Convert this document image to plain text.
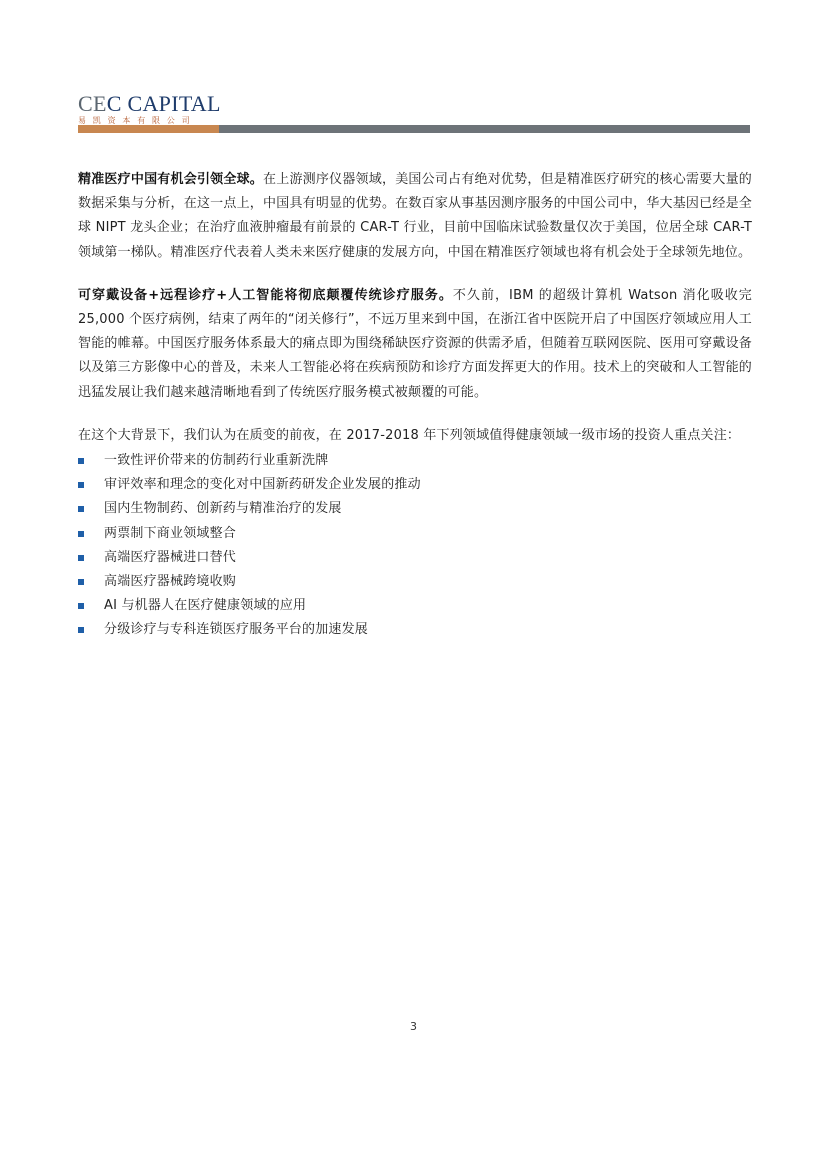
CEC CAPITAL
易凯资本有限公司

精准医疗中国有机会引领全球。在上游测序仪器领域，美国公司占有绝对优势，但是精准医疗研究的核心需要大量的数据采集与分析，在这一点上，中国具有明显的优势。在数百家从事基因测序服务的中国公司中，华大基因已经是全球 NIPT 龙头企业；在治疗血液肿瘤最有前景的 CAR-T 行业，目前中国临床试验数量仅次于美国，位居全球 CAR-T 领域第一梯队。精准医疗代表着人类未来医疗健康的发展方向，中国在精准医疗领域也将有机会处于全球领先地位。

可穿戴设备+远程诊疗+人工智能将彻底颠覆传统诊疗服务。不久前，IBM 的超级计算机 Watson 消化吸收完 25,000 个医疗病例，结束了两年的“闭关修行”，不远万里来到中国，在浙江省中医院开启了中国医疗领域应用人工智能的帷幕。中国医疗服务体系最大的痛点即为围绕稀缺医疗资源的供需矛盾，但随着互联网医院、医用可穿戴设备以及第三方影像中心的普及，未来人工智能必将在疾病预防和诊疗方面发挥更大的作用。技术上的突破和人工智能的迅猛发展让我们越来越清晰地看到了传统医疗服务模式被颠覆的可能。

在这个大背景下，我们认为在质变的前夜，在 2017-2018 年下列领域值得健康领域一级市场的投资人重点关注：

一致性评价带来的仿制药行业重新洗牌
审评效率和理念的变化对中国新药研发企业发展的推动
国内生物制药、创新药与精准治疗的发展
两票制下商业领域整合
高端医疗器械进口替代
高端医疗器械跨境收购
AI 与机器人在医疗健康领域的应用
分级诊疗与专科连锁医疗服务平台的加速发展
3
